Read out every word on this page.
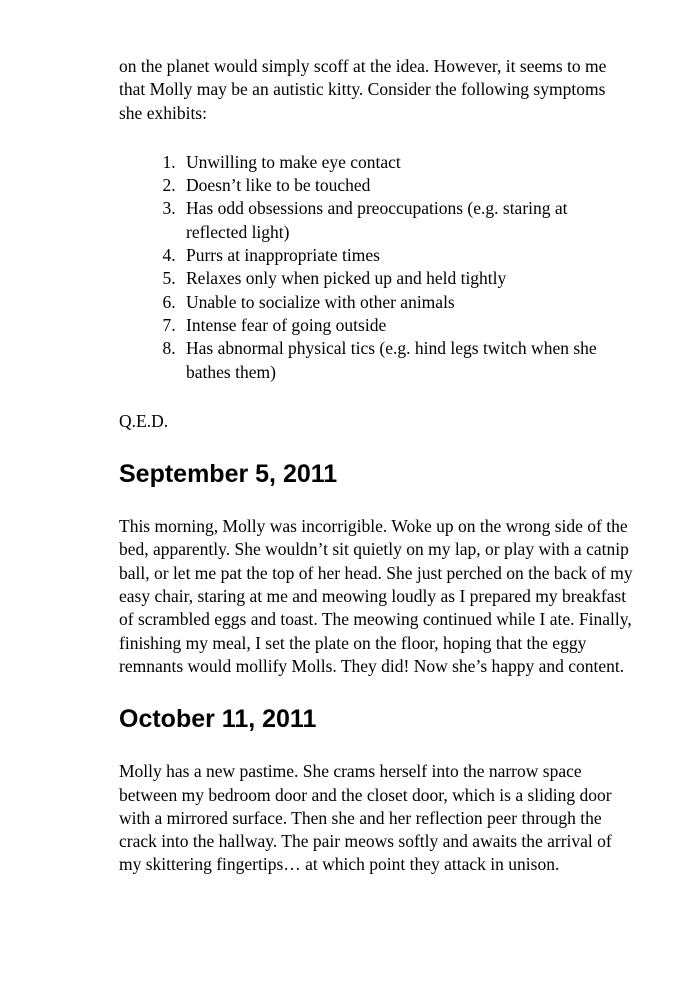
on the planet would simply scoff at the idea. However, it seems to me that Molly may be an autistic kitty. Consider the following symptoms she exhibits:

1. Unwilling to make eye contact
2. Doesn’t like to be touched
3. Has odd obsessions and preoccupations (e.g. staring at reflected light)
4. Purrs at inappropriate times
5. Relaxes only when picked up and held tightly
6. Unable to socialize with other animals
7. Intense fear of going outside
8. Has abnormal physical tics (e.g. hind legs twitch when she bathes them)

Q.E.D.

September 5, 2011

This morning, Molly was incorrigible. Woke up on the wrong side of the bed, apparently. She wouldn’t sit quietly on my lap, or play with a catnip ball, or let me pat the top of her head. She just perched on the back of my easy chair, staring at me and meowing loudly as I prepared my breakfast of scrambled eggs and toast. The meowing continued while I ate. Finally, finishing my meal, I set the plate on the floor, hoping that the eggy remnants would mollify Molls. They did! Now she’s happy and content.

October 11, 2011

Molly has a new pastime. She crams herself into the narrow space between my bedroom door and the closet door, which is a sliding door with a mirrored surface. Then she and her reflection peer through the crack into the hallway. The pair meows softly and awaits the arrival of my skittering fingertips… at which point they attack in unison.
